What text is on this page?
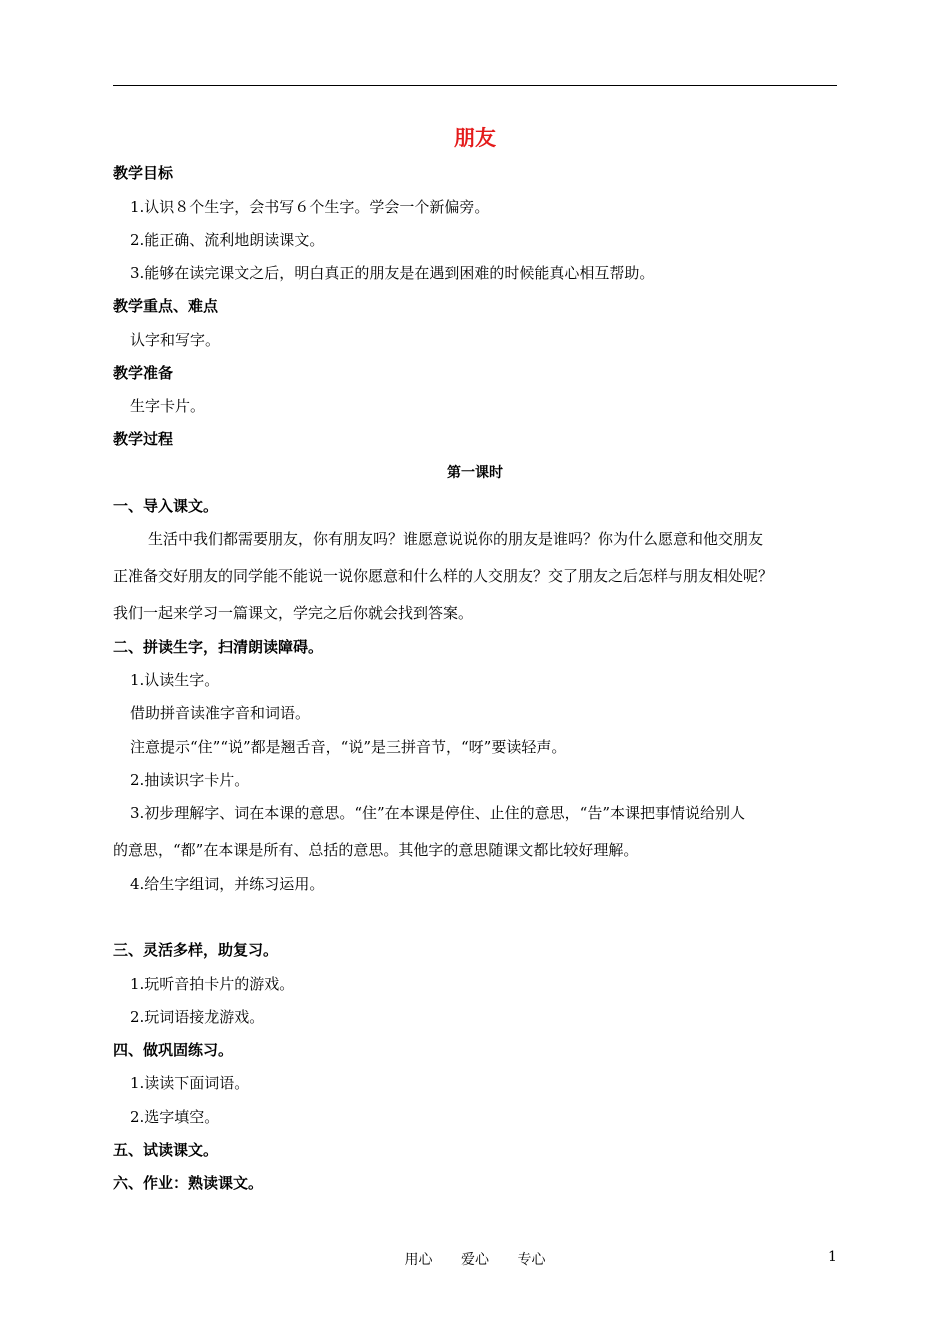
朋友
教学目标
1.认识８个生字，会书写６个生字。学会一个新偏旁。
2.能正确、流利地朗读课文。
3.能够在读完课文之后，明白真正的朋友是在遇到困难的时候能真心相互帮助。
教学重点、难点
认字和写字。
教学准备
生字卡片。
教学过程
第一课时
一、导入课文。
生活中我们都需要朋友，你有朋友吗？谁愿意说说你的朋友是谁吗？你为什么愿意和他交朋友
正准备交好朋友的同学能不能说一说你愿意和什么样的人交朋友？交了朋友之后怎样与朋友相处呢？
我们一起来学习一篇课文，学完之后你就会找到答案。
二、拼读生字，扫清朗读障碍。
1.认读生字。
借助拼音读准字音和词语。
注意提示“住”“说”都是翘舌音，“说”是三拼音节，“呀”要读轻声。
2.抽读识字卡片。
3.初步理解字、词在本课的意思。“住”在本课是停住、止住的意思，“告”本课把事情说给别人
的意思，“都”在本课是所有、总括的意思。其他字的意思随课文都比较好理解。
4.给生字组词，并练习运用。
三、灵活多样，助复习。
1.玩听音拍卡片的游戏。
2.玩词语接龙游戏。
四、做巩固练习。
1.读读下面词语。
2.选字填空。
五、试读课文。
六、作业：熟读课文。
用心 爱心 专心	1
